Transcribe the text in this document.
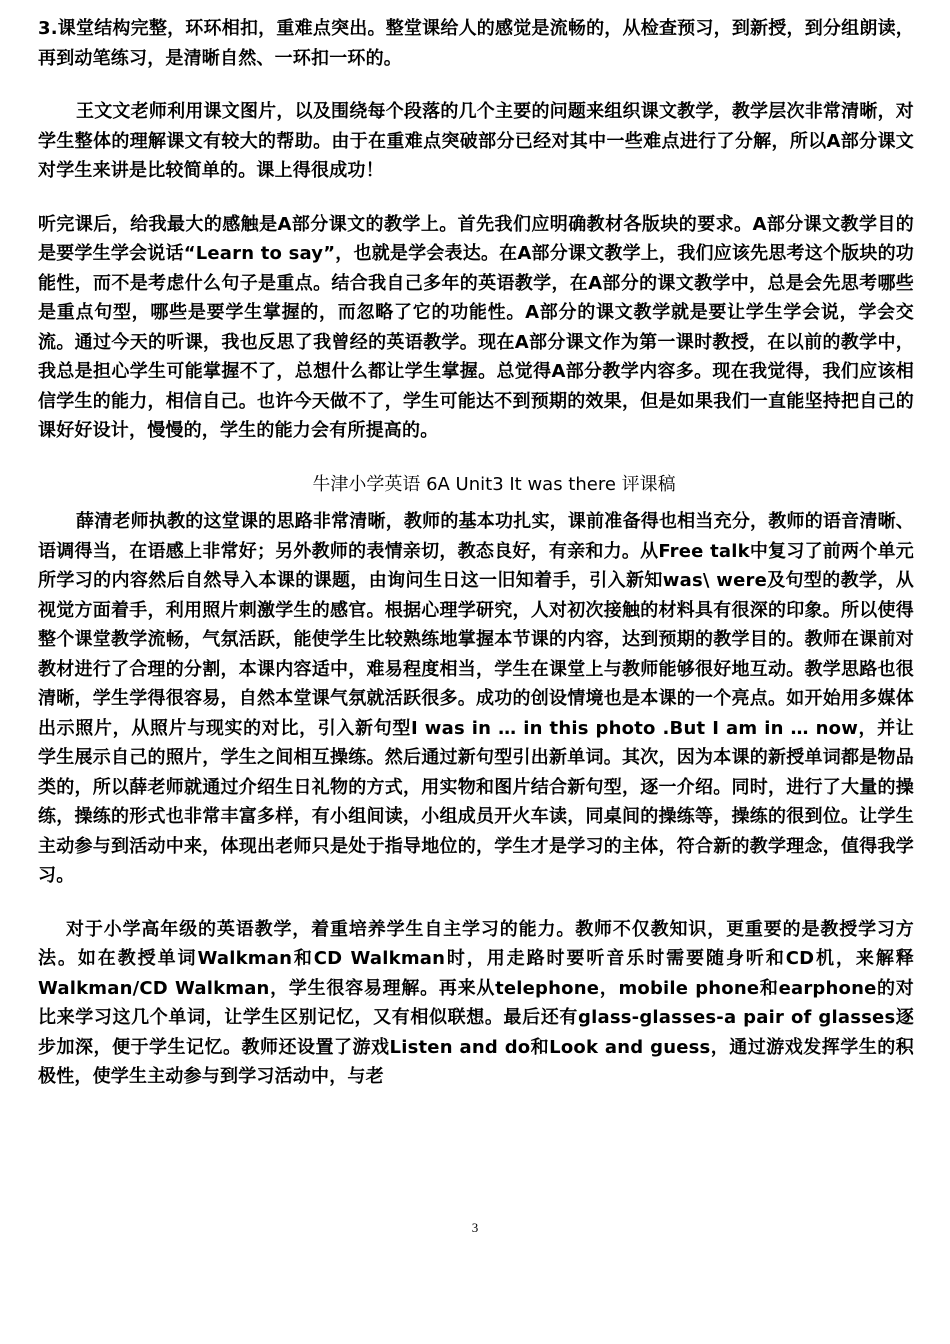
3.课堂结构完整，环环相扣，重难点突出。整堂课给人的感觉是流畅的，从检查预习，到新授，到分组朗读，再到动笔练习，是清晰自然、一环扣一环的。

王文文老师利用课文图片，以及围绕每个段落的几个主要的问题来组织课文教学，教学层次非常清晰，对学生整体的理解课文有较大的帮助。由于在重难点突破部分已经对其中一些难点进行了分解，所以A部分课文对学生来讲是比较简单的。课上得很成功！

听完课后，给我最大的感触是A部分课文的教学上。首先我们应明确教材各版块的要求。A部分课文教学目的是要学生学会说话“Learn to say”，也就是学会表达。在A部分课文教学上，我们应该先思考这个版块的功能性，而不是考虑什么句子是重点。结合我自己多年的英语教学，在A部分的课文教学中，总是会先思考哪些是重点句型，哪些是要学生掌握的，而忽略了它的功能性。A部分的课文教学就是要让学生学会说，学会交流。通过今天的听课，我也反思了我曾经的英语教学。现在A部分课文作为第一课时教授，在以前的教学中，我总是担心学生可能掌握不了，总想什么都让学生掌握。总觉得A部分教学内容多。现在我觉得，我们应该相信学生的能力，相信自己。也许今天做不了，学生可能达不到预期的效果，但是如果我们一直能坚持把自己的课好好设计，慢慢的，学生的能力会有所提高的。

牛津小学英语 6A Unit3 It was there 评课稿

薛清老师执教的这堂课的思路非常清晰，教师的基本功扎实，课前准备得也相当充分，教师的语音清晰、语调得当，在语感上非常好；另外教师的表情亲切，教态良好，有亲和力。从Free talk中复习了前两个单元所学习的内容然后自然导入本课的课题，由询问生日这一旧知着手，引入新知was\ were及句型的教学，从视觉方面着手，利用照片刺激学生的感官。根据心理学研究，人对初次接触的材料具有很深的印象。所以使得整个课堂教学流畅，气氛活跃，能使学生比较熟练地掌握本节课的内容，达到预期的教学目的。教师在课前对教材进行了合理的分割，本课内容适中，难易程度相当，学生在课堂上与教师能够很好地互动。教学思路也很清晰，学生学得很容易，自然本堂课气氛就活跃很多。成功的创设情境也是本课的一个亮点。如开始用多媒体出示照片，从照片与现实的对比，引入新句型I was in … in this photo .But I am in … now，并让学生展示自己的照片，学生之间相互操练。然后通过新句型引出新单词。其次，因为本课的新授单词都是物品类的，所以薛老师就通过介绍生日礼物的方式，用实物和图片结合新句型，逐一介绍。同时，进行了大量的操练，操练的形式也非常丰富多样，有小组间读，小组成员开火车读，同桌间的操练等，操练的很到位。让学生主动参与到活动中来，体现出老师只是处于指导地位的，学生才是学习的主体，符合新的教学理念，值得我学习。

对于小学高年级的英语教学，着重培养学生自主学习的能力。教师不仅教知识，更重要的是教授学习方法。如在教授单词Walkman和CD Walkman时，用走路时要听音乐时需要随身听和CD机，来解释Walkman/CD Walkman，学生很容易理解。再来从telephone，mobile phone和earphone的对比来学习这几个单词，让学生区别记忆，又有相似联想。最后还有glass-glasses-a pair of glasses逐步加深，便于学生记忆。教师还设置了游戏Listen and do和Look and guess，通过游戏发挥学生的积极性，使学生主动参与到学习活动中，与老

3
